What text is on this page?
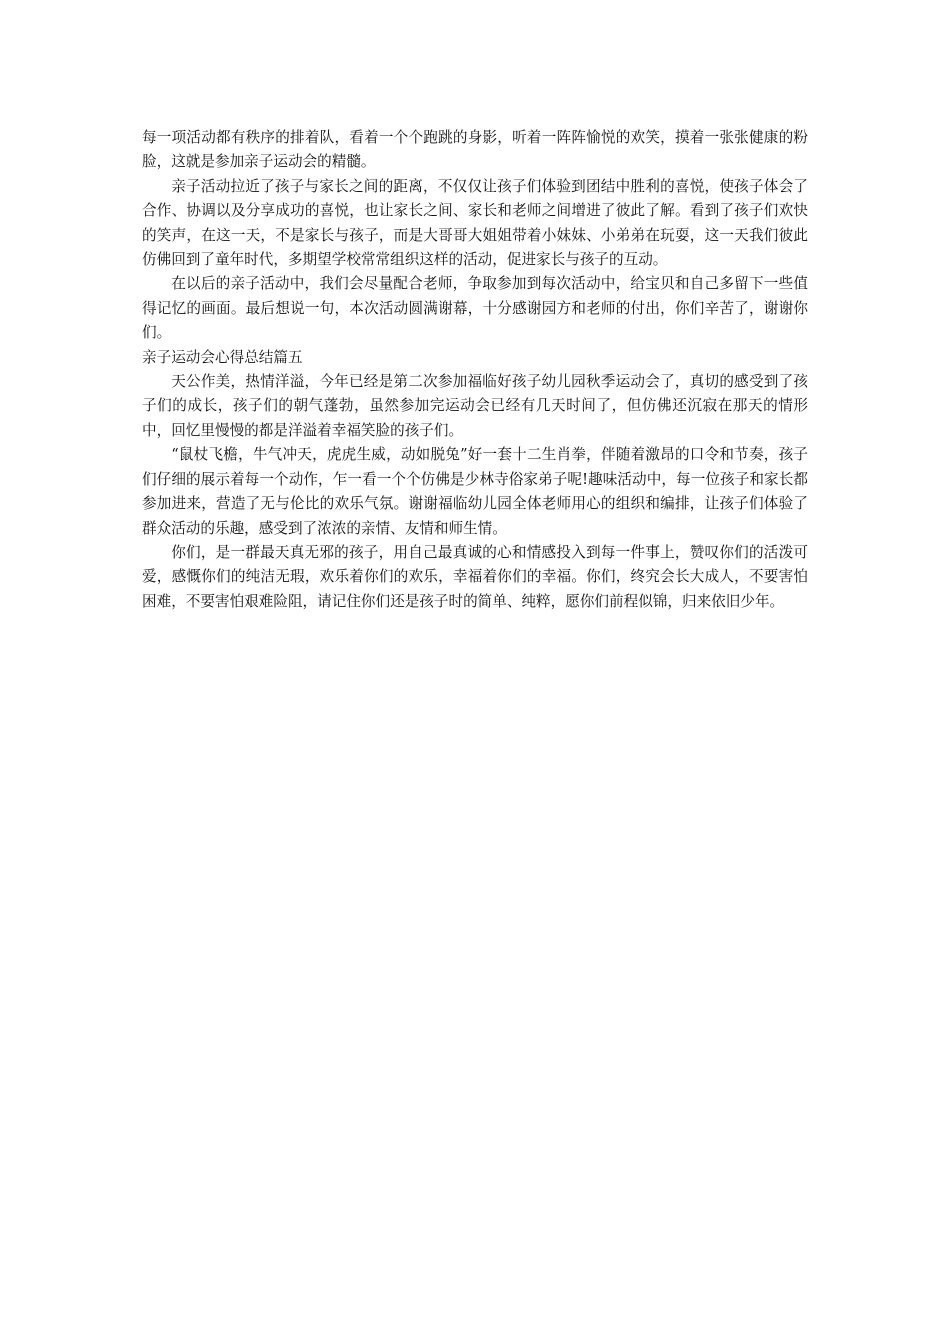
每一项活动都有秩序的排着队，看着一个个跑跳的身影，听着一阵阵愉悦的欢笑，摸着一张张健康的粉脸，这就是参加亲子运动会的精髓。

亲子活动拉近了孩子与家长之间的距离，不仅仅让孩子们体验到团结中胜利的喜悦，使孩子体会了合作、协调以及分享成功的喜悦，也让家长之间、家长和老师之间增进了彼此了解。看到了孩子们欢快的笑声，在这一天，不是家长与孩子，而是大哥哥大姐姐带着小妹妹、小弟弟在玩耍，这一天我们彼此仿佛回到了童年时代，多期望学校常常组织这样的活动，促进家长与孩子的互动。

在以后的亲子活动中，我们会尽量配合老师，争取参加到每次活动中，给宝贝和自己多留下一些值得记忆的画面。最后想说一句，本次活动圆满谢幕，十分感谢园方和老师的付出，你们辛苦了，谢谢你们。

亲子运动会心得总结篇五

天公作美，热情洋溢，今年已经是第二次参加福临好孩子幼儿园秋季运动会了，真切的感受到了孩子们的成长，孩子们的朝气蓬勃，虽然参加完运动会已经有几天时间了，但仿佛还沉寂在那天的情形中，回忆里慢慢的都是洋溢着幸福笑脸的孩子们。

“鼠杖飞檐，牛气冲天，虎虎生威，动如脱兔”好一套十二生肖拳，伴随着激昂的口令和节奏，孩子们仔细的展示着每一个动作，乍一看一个个仿佛是少林寺俗家弟子呢!趣味活动中，每一位孩子和家长都参加进来，营造了无与伦比的欢乐气氛。谢谢福临幼儿园全体老师用心的组织和编排，让孩子们体验了群众活动的乐趣，感受到了浓浓的亲情、友情和师生情。

你们，是一群最天真无邪的孩子，用自己最真诚的心和情感投入到每一件事上，赞叹你们的活泼可爱，感慨你们的纯洁无瑕，欢乐着你们的欢乐，幸福着你们的幸福。你们，终究会长大成人，不要害怕困难，不要害怕艰难险阻，请记住你们还是孩子时的简单、纯粹，愿你们前程似锦，归来依旧少年。
